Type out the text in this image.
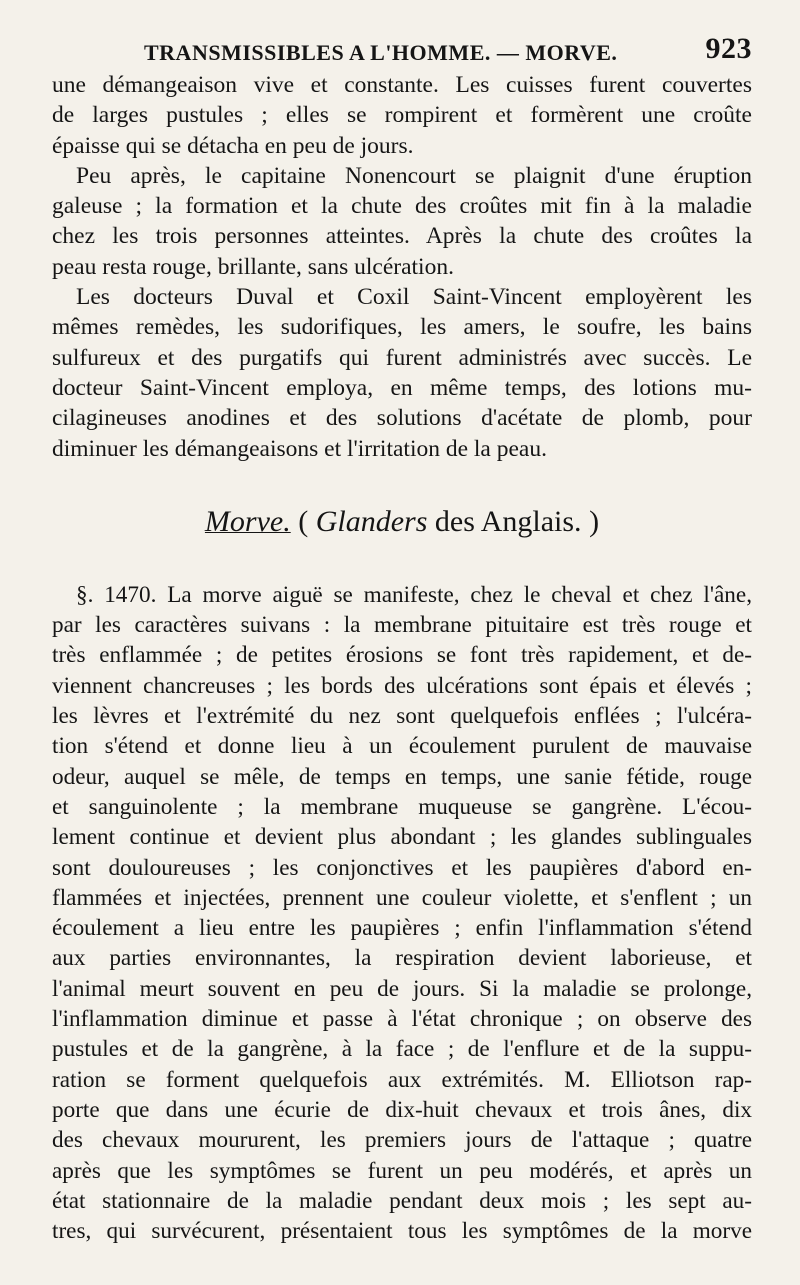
TRANSMISSIBLES A L'HOMME. — MORVE.	923
une démangeaison vive et constante. Les cuisses furent couvertes
de larges pustules ; elles se rompirent et formèrent une croûte
épaisse qui se détacha en peu de jours.
Peu après, le capitaine Nonencourt se plaignit d'une éruption
galeuse ; la formation et la chute des croûtes mit fin à la maladie
chez les trois personnes atteintes. Après la chute des croûtes la
peau resta rouge, brillante, sans ulcération.
Les docteurs Duval et Coxil Saint-Vincent employèrent les
mêmes remèdes, les sudorifiques, les amers, le soufre, les bains
sulfureux et des purgatifs qui furent administrés avec succès. Le
docteur Saint-Vincent employa, en même temps, des lotions mu-
cilagineuses anodines et des solutions d'acétate de plomb, pour
diminuer les démangeaisons et l'irritation de la peau.
Morve. ( Glanders des Anglais. )
§. 1470. La morve aiguë se manifeste, chez le cheval et chez l'âne,
par les caractères suivans : la membrane pituitaire est très rouge et
très enflammée ; de petites érosions se font très rapidement, et de-
viennent chancreuses ; les bords des ulcérations sont épais et élevés ;
les lèvres et l'extrémité du nez sont quelquefois enflées ; l'ulcéra-
tion s'étend et donne lieu à un écoulement purulent de mauvaise
odeur, auquel se mêle, de temps en temps, une sanie fétide, rouge
et sanguinolente ; la membrane muqueuse se gangrène. L'écou-
lement continue et devient plus abondant ; les glandes sublinguales
sont douloureuses ; les conjonctives et les paupières d'abord en-
flammées et injectées, prennent une couleur violette, et s'enflent ; un
écoulement a lieu entre les paupières ; enfin l'inflammation s'étend
aux parties environnantes, la respiration devient laborieuse, et
l'animal meurt souvent en peu de jours. Si la maladie se prolonge,
l'inflammation diminue et passe à l'état chronique ; on observe des
pustules et de la gangrène, à la face ; de l'enflure et de la suppu-
ration se forment quelquefois aux extrémités. M. Elliotson rap-
porte que dans une écurie de dix-huit chevaux et trois ânes, dix
des chevaux moururent, les premiers jours de l'attaque ; quatre
après que les symptômes se furent un peu modérés, et après un
état stationnaire de la maladie pendant deux mois ; les sept au-
tres, qui survécurent, présentaient tous les symptômes de la morve
